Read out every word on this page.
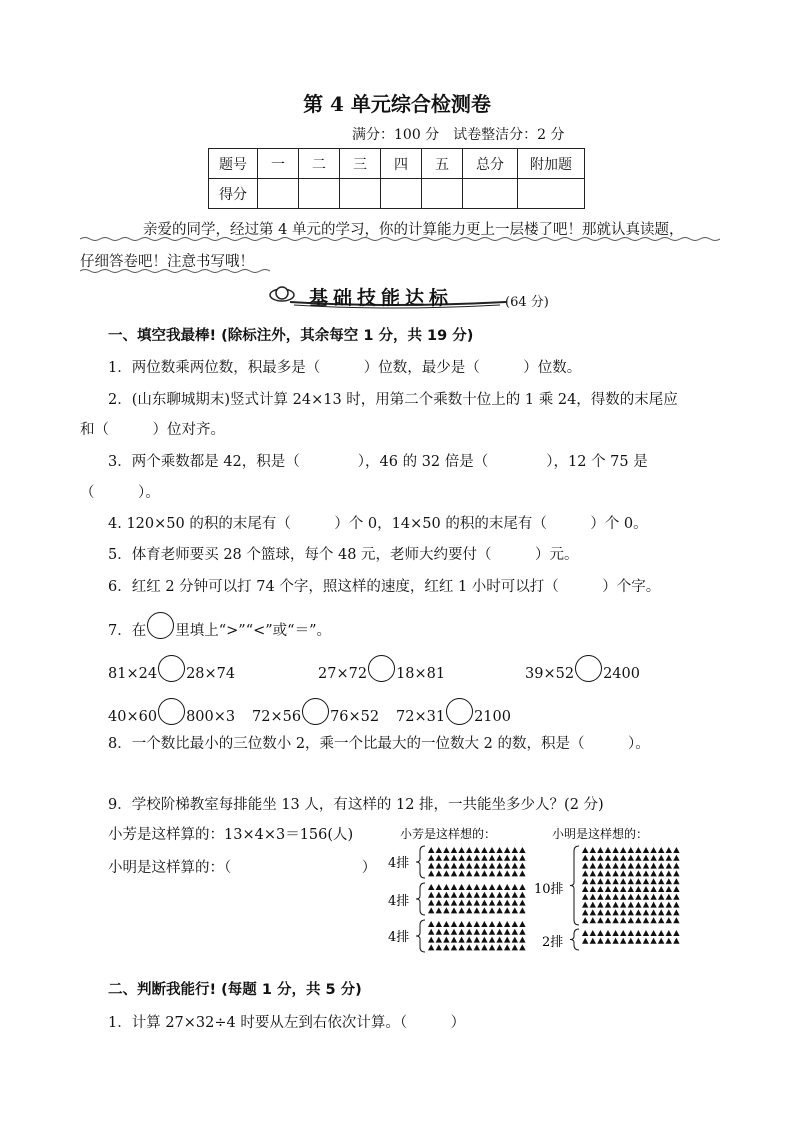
第 4 单元综合检测卷
满分：100 分　试卷整洁分：2 分
题号	一	二	三	四	五	总分	附加题
得分							
亲爱的同学，经过第 4 单元的学习，你的计算能力更上一层楼了吧！那就认真读题，
仔细答卷吧！注意书写哦！
基础技能达标	(64 分)
一、填空我最棒! (除标注外，其余每空 1 分，共 19 分)
1．两位数乘两位数，积最多是（　　　）位数，最少是（　　　）位数。
2．(山东聊城期末)竖式计算 24×13 时，用第二个乘数十位上的 1 乘 24，得数的末尾应
和（　　　）位对齐。
3．两个乘数都是 42，积是（　　　　），46 的 32 倍是（　　　　），12 个 75 是
（　　　）。
4. 120×50 的积的末尾有（　　　）个 0，14×50 的积的末尾有（　　　）个 0。
5．体育老师要买 28 个篮球，每个 48 元，老师大约要付（　　　）元。
6．红红 2 分钟可以打 74 个字，照这样的速度，红红 1 小时可以打（　　　）个字。
7．在 里填上“>”“<”或“＝”。
81×24 28×74	27×72 18×81	39×52 2400
40×60 800×3 72×56 76×52 72×31 2100
8．一个数比最小的三位数小 2，乘一个比最大的一位数大 2 的数，积是（　　　）。
9．学校阶梯教室每排能坐 13 人，有这样的 12 排，一共能坐多少人？(2 分)
小芳是这样算的：13×4×3＝156(人)
小明是这样算的：（　　　　　　　　　）
小芳是这样想的：	小明是这样想的：
4排
4排
4排
10排
2排
二、判断我能行! (每题 1 分，共 5 分)
1．计算 27×32÷4 时要从左到右依次计算。（　　　）
